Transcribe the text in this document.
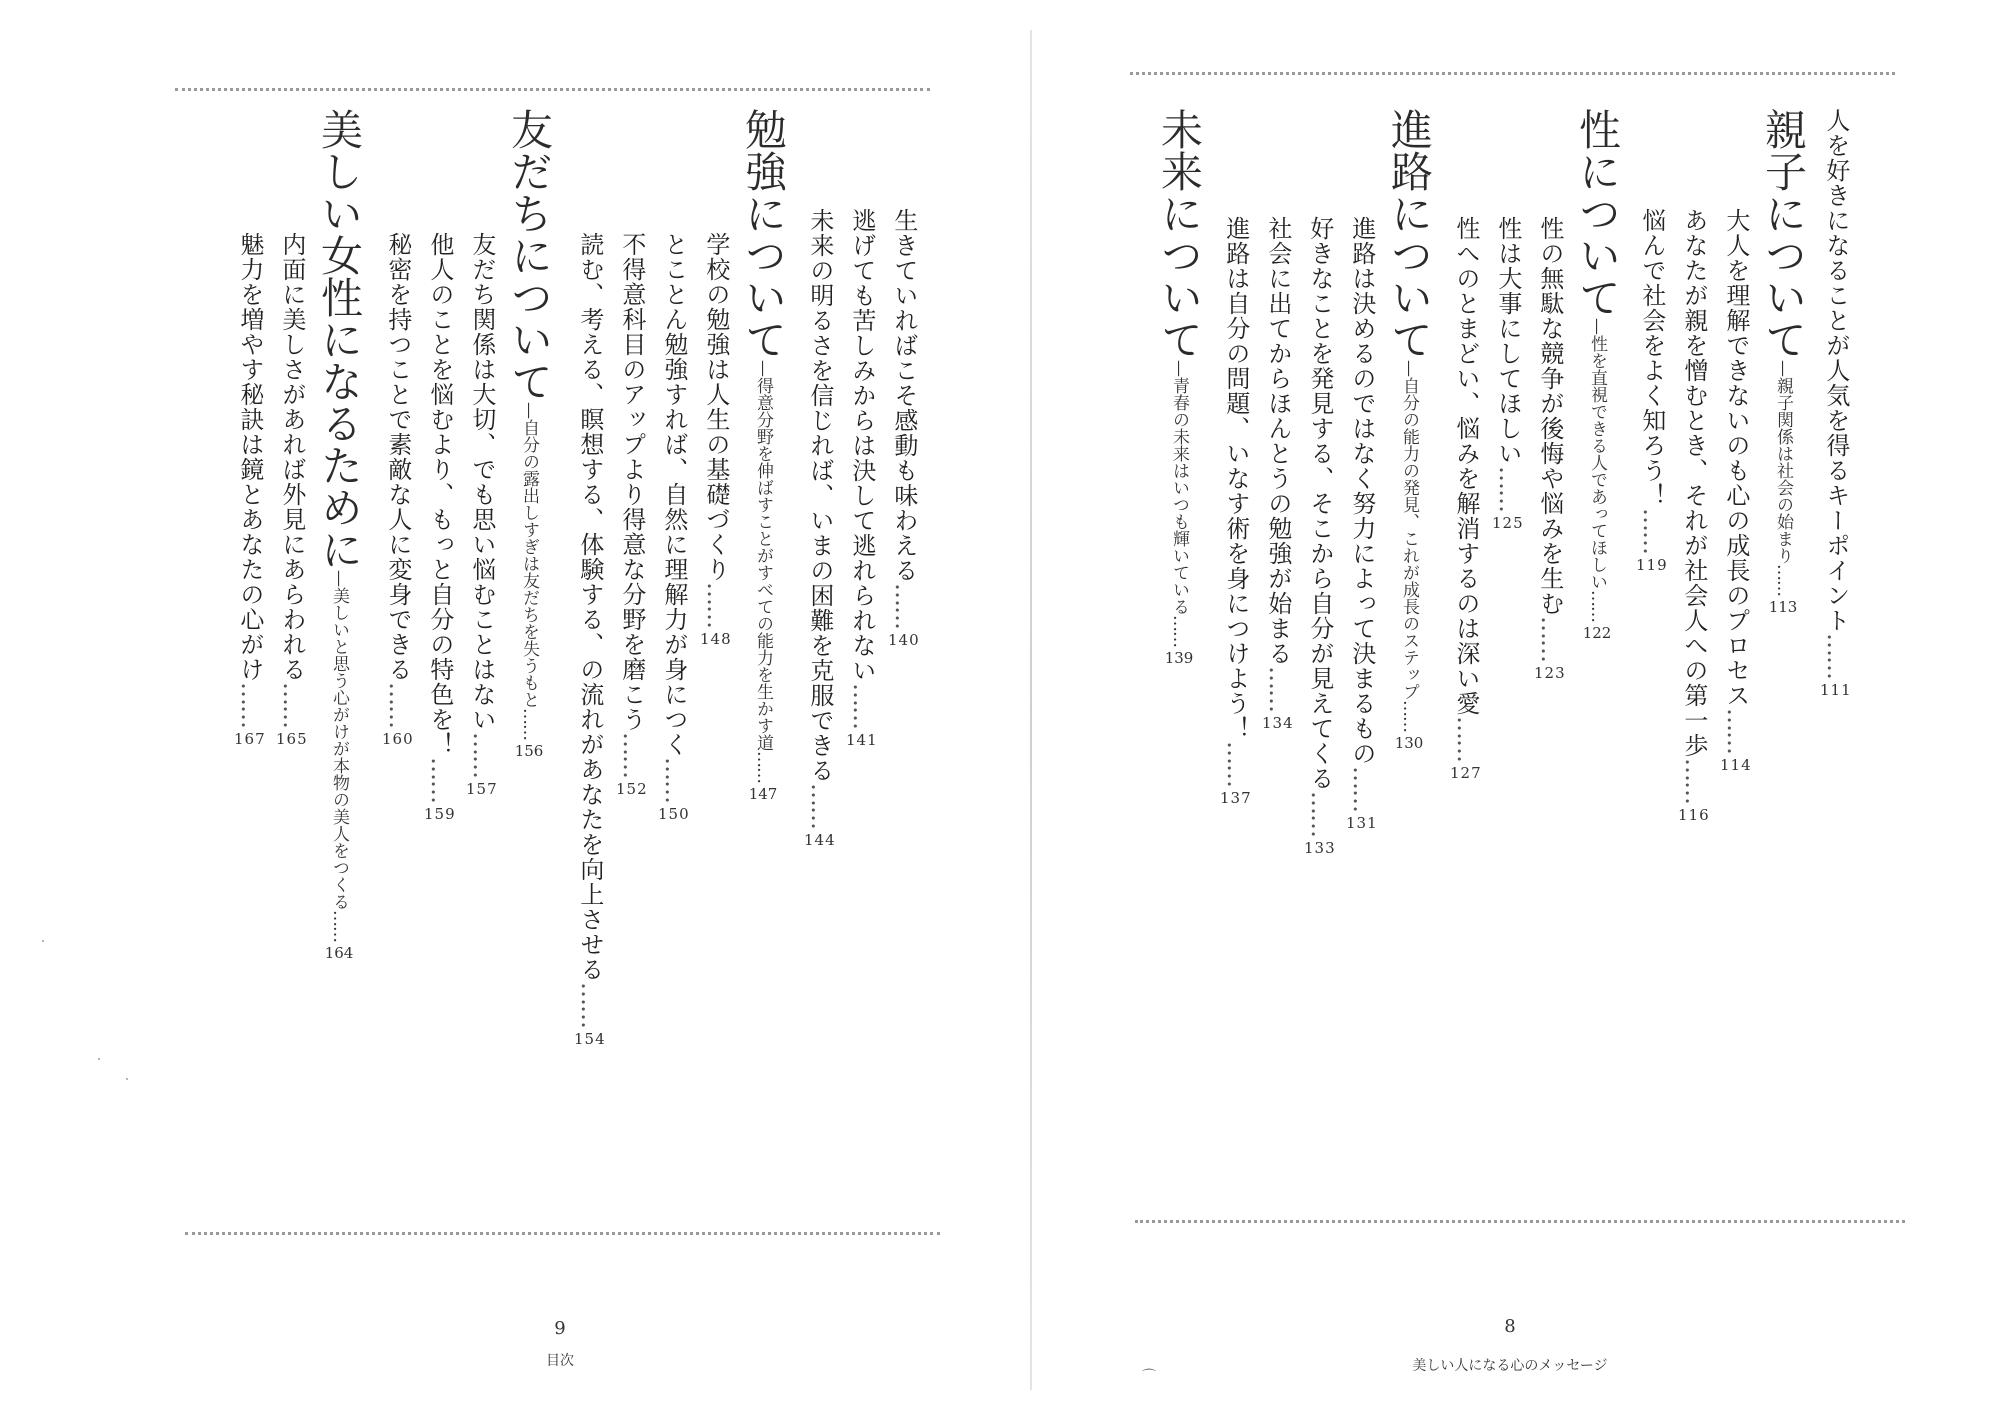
生きていればこそ感動も味わえる……140

逃げても苦しみからは決して逃れられない……141

未来の明るさを信じれば、いまの困難を克服できる……144

勉強について—得意分野を伸ばすことがすべての能力を生かす道……147

学校の勉強は人生の基礎づくり……148

とことん勉強すれば、自然に理解力が身につく……150

不得意科目のアップより得意な分野を磨こう……152

読む、考える、瞑想する、体験する、の流れがあなたを向上させる……154

友だちについて—自分の露出しすぎは友だちを失うもと……156

友だち関係は大切、でも思い悩むことはない……157

他人のことを悩むより、もっと自分の特色を！……159

秘密を持つことで素敵な人に変身できる……160

美しい女性になるために—美しいと思う心がけが本物の美人をつくる……164

内面に美しさがあれば外見にあらわれる……165

魅力を増やす秘訣は鏡とあなたの心がけ……167

9
目次

親子について—親子関係は社会の始まり……113 人を好きになることが人気を得るキーポイント……111

大人を理解できないのも心の成長のプロセス……114

あなたが親を憎むとき、それが社会人への第一歩……116

悩んで社会をよく知ろう！……119

性について—性を直視できる人であってほしい……122

性の無駄な競争が後悔や悩みを生む……123

性は大事にしてほしい……125

性へのとまどい、悩みを解消するのは深い愛……127

進路について—自分の能力の発見、これが成長のステップ……130

進路は決めるのではなく努力によって決まるもの……131

好きなことを発見する、そこから自分が見えてくる……133

社会に出てからほんとうの勉強が始まる……134

進路は自分の問題、いなす術を身につけよう！……137

未来について—青春の未来はいつも輝いている……139

8
美しい人になる心のメッセージ
⌒
